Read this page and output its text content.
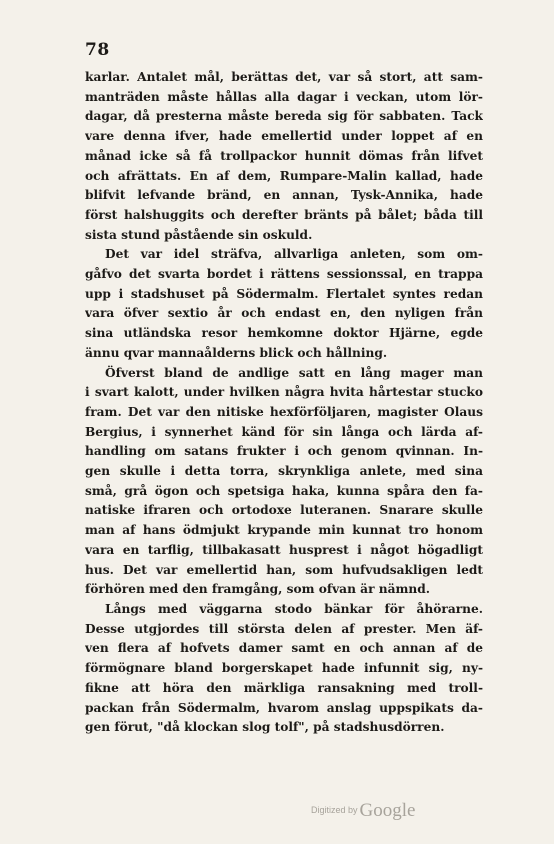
78
karlar. Antalet mål, berättas det, var så stort, att sam-
manträden måste hållas alla dagar i veckan, utom lör-
dagar, då presterna måste bereda sig för sabbaten. Tack
vare denna ifver, hade emellertid under loppet af en
månad icke så få trollpackor hunnit dömas från lifvet
och afrättats. En af dem, Rumpare-Malin kallad, hade
blifvit lefvande bränd, en annan, Tysk-Annika, hade
först halshuggits och derefter bränts på bålet; båda till
sista stund påstående sin oskuld.
Det var idel sträfva, allvarliga anleten, som om-
gåfvo det svarta bordet i rättens sessionssal, en trappa
upp i stadshuset på Södermalm. Flertalet syntes redan
vara öfver sextio år och endast en, den nyligen från
sina utländska resor hemkomne doktor Hjärne, egde
ännu qvar mannaålderns blick och hållning.
Öfverst bland de andlige satt en lång mager man
i svart kalott, under hvilken några hvita hårtestar stucko
fram. Det var den nitiske hexförföljaren, magister Olaus
Bergius, i synnerhet känd för sin långa och lärda af-
handling om satans frukter i och genom qvinnan. In-
gen skulle i detta torra, skrynkliga anlete, med sina
små, grå ögon och spetsiga haka, kunna spåra den fa-
natiske ifraren och ortodoxe luteranen. Snarare skulle
man af hans ödmjukt krypande min kunnat tro honom
vara en tarflig, tillbakasatt husprest i något högadligt
hus. Det var emellertid han, som hufvudsakligen ledt
förhören med den framgång, som ofvan är nämnd.
Långs med väggarna stodo bänkar för åhörarne.
Desse utgjordes till största delen af prester. Men äf-
ven flera af hofvets damer samt en och annan af de
förmögnare bland borgerskapet hade infunnit sig, ny-
fikne att höra den märkliga ransakning med troll-
packan från Södermalm, hvarom anslag uppspikats da-
gen förut, "då klockan slog tolf", på stadshusdörren.
Digitized by Google
